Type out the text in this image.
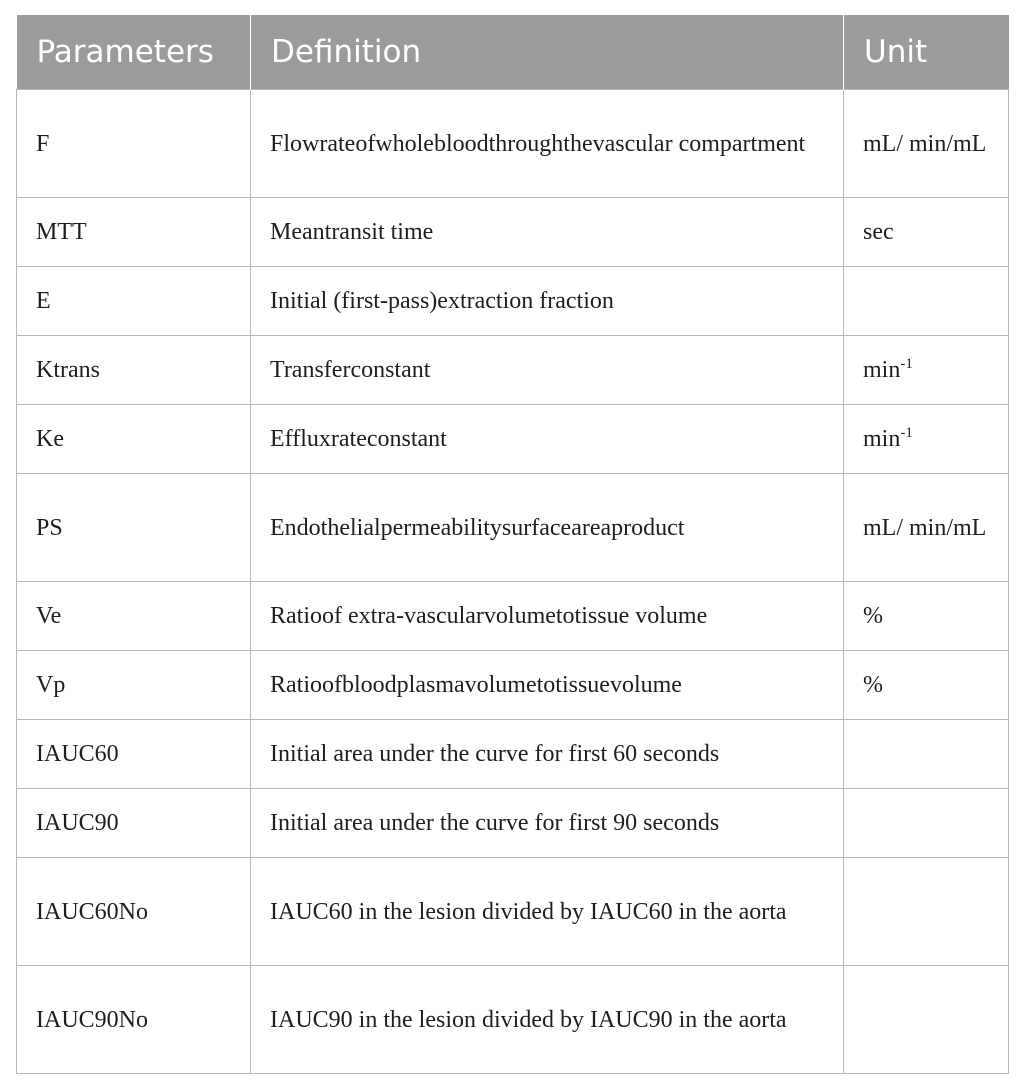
Parameters	Definition	Unit
F	Flowrateofwholebloodthroughthevascular compartment	mL/ min/mL
MTT	Meantransit time	sec
E	Initial (first-pass)extraction fraction	
Ktrans	Transferconstant	$\min^{-1}$
Ke	Effluxrateconstant	$\min^{-1}$
PS	Endothelialpermeabilitysurfaceareaproduct	mL/ min/mL
Ve	Ratioof extra-vascularvolumetotissue volume	%
Vp	Ratioofbloodplasmavolumetotissuevolume	%
IAUC60	Initial area under the curve for first 60 seconds	
IAUC90	Initial area under the curve for first 90 seconds	
IAUC60No	IAUC60 in the lesion divided by IAUC60 in the aorta	
IAUC90No	IAUC90 in the lesion divided by IAUC90 in the aorta	
